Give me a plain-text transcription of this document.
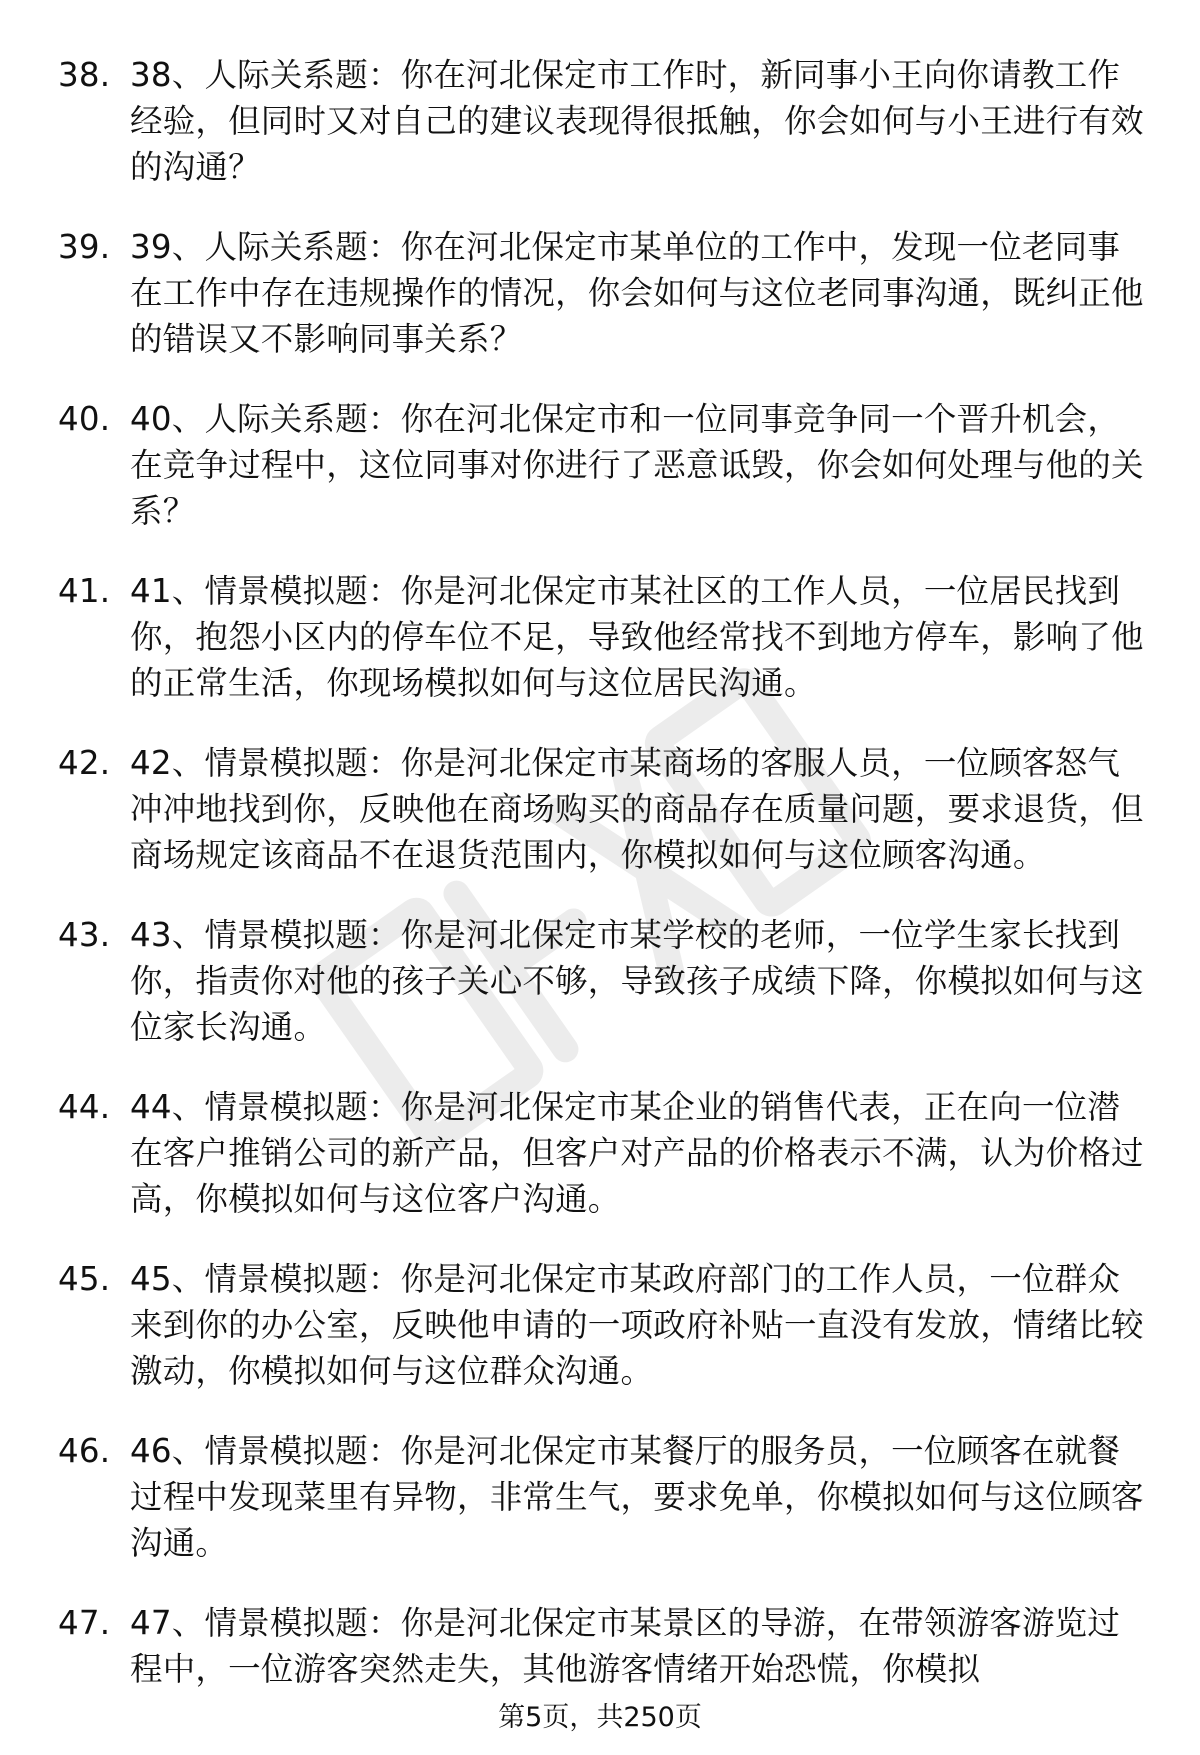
38. 38、人际关系题：你在河北保定市工作时，新同事小王向你请教工作经验，但同时又对自己的建议表现得很抵触，你会如何与小王进行有效的沟通？
39. 39、人际关系题：你在河北保定市某单位的工作中，发现一位老同事在工作中存在违规操作的情况，你会如何与这位老同事沟通，既纠正他的错误又不影响同事关系？
40. 40、人际关系题：你在河北保定市和一位同事竞争同一个晋升机会，在竞争过程中，这位同事对你进行了恶意诋毁，你会如何处理与他的关系？
41. 41、情景模拟题：你是河北保定市某社区的工作人员，一位居民找到你，抱怨小区内的停车位不足，导致他经常找不到地方停车，影响了他的正常生活，你现场模拟如何与这位居民沟通。
42. 42、情景模拟题：你是河北保定市某商场的客服人员，一位顾客怒气冲冲地找到你，反映他在商场购买的商品存在质量问题，要求退货，但商场规定该商品不在退货范围内，你模拟如何与这位顾客沟通。
43. 43、情景模拟题：你是河北保定市某学校的老师，一位学生家长找到你，指责你对他的孩子关心不够，导致孩子成绩下降，你模拟如何与这位家长沟通。
44. 44、情景模拟题：你是河北保定市某企业的销售代表，正在向一位潜在客户推销公司的新产品，但客户对产品的价格表示不满，认为价格过高，你模拟如何与这位客户沟通。
45. 45、情景模拟题：你是河北保定市某政府部门的工作人员，一位群众来到你的办公室，反映他申请的一项政府补贴一直没有发放，情绪比较激动，你模拟如何与这位群众沟通。
46. 46、情景模拟题：你是河北保定市某餐厅的服务员，一位顾客在就餐过程中发现菜里有异物，非常生气，要求免单，你模拟如何与这位顾客沟通。
47. 47、情景模拟题：你是河北保定市某景区的导游，在带领游客游览过程中，一位游客突然走失，其他游客情绪开始恐慌，你模拟
第5页，共250页
